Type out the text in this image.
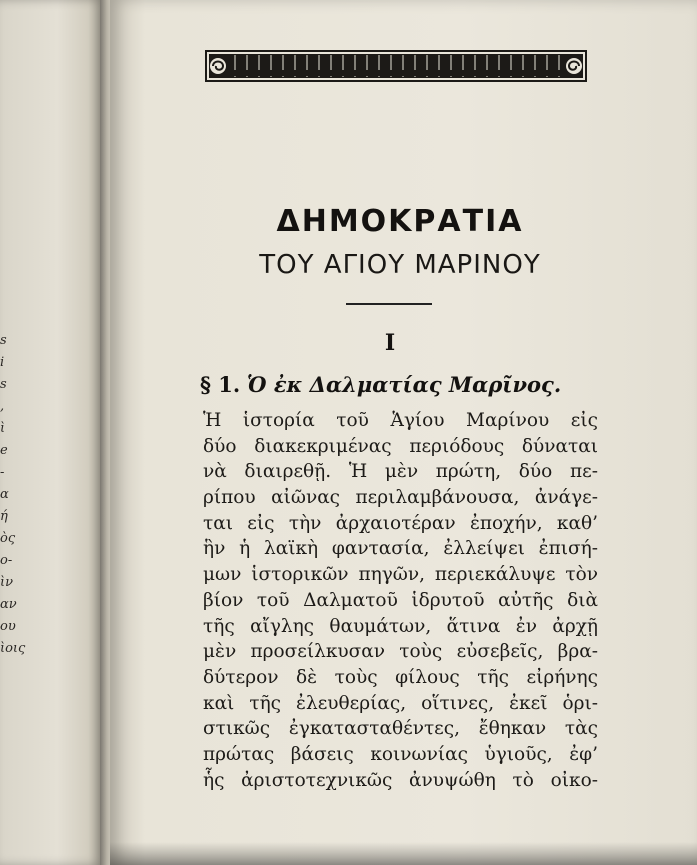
s
i
s
,
ὶ
e
-
α
ή
ὸς
ο-
ὶν
αν
ου
ὶοις
ΔΗΜΟΚΡΑΤΙΑ
ΤΟΥ ΑΓΙΟΥ ΜΑΡΙΝΟΥ
I
§ 1. Ὁ ἐκ Δαλματίας Μαρῖνος.
Ἡ ἱστορία τοῦ Ἁγίου Μαρίνου εἰς
δύο διακεκριμένας περιόδους δύναται
νὰ διαιρεθῇ. Ἡ μὲν πρώτη, δύο πε-
ρίπου αἰῶνας περιλαμβάνουσα, ἀνάγε-
ται εἰς τὴν ἀρχαιοτέραν ἐποχήν, καθ’
ἣν ἡ λαϊκὴ φαντασία, ἐλλείψει ἐπισή-
μων ἱστορικῶν πηγῶν, περιεκάλυψε τὸν
βίον τοῦ Δαλματοῦ ἱδρυτοῦ αὐτῆς διὰ
τῆς αἴγλης θαυμάτων, ἅτινα ἐν ἀρχῇ
μὲν προσείλκυσαν τοὺς εὐσεβεῖς, βρα-
δύτερον δὲ τοὺς φίλους τῆς εἰρήνης
καὶ τῆς ἐλευθερίας, οἵτινες, ἐκεῖ ὁρι-
στικῶς ἐγκατασταθέντες, ἔθηκαν τὰς
πρώτας βάσεις κοινωνίας ὑγιοῦς, ἐφ’
ἧς ἀριστοτεχνικῶς ἀνυψώθη τὸ οἰκο-
